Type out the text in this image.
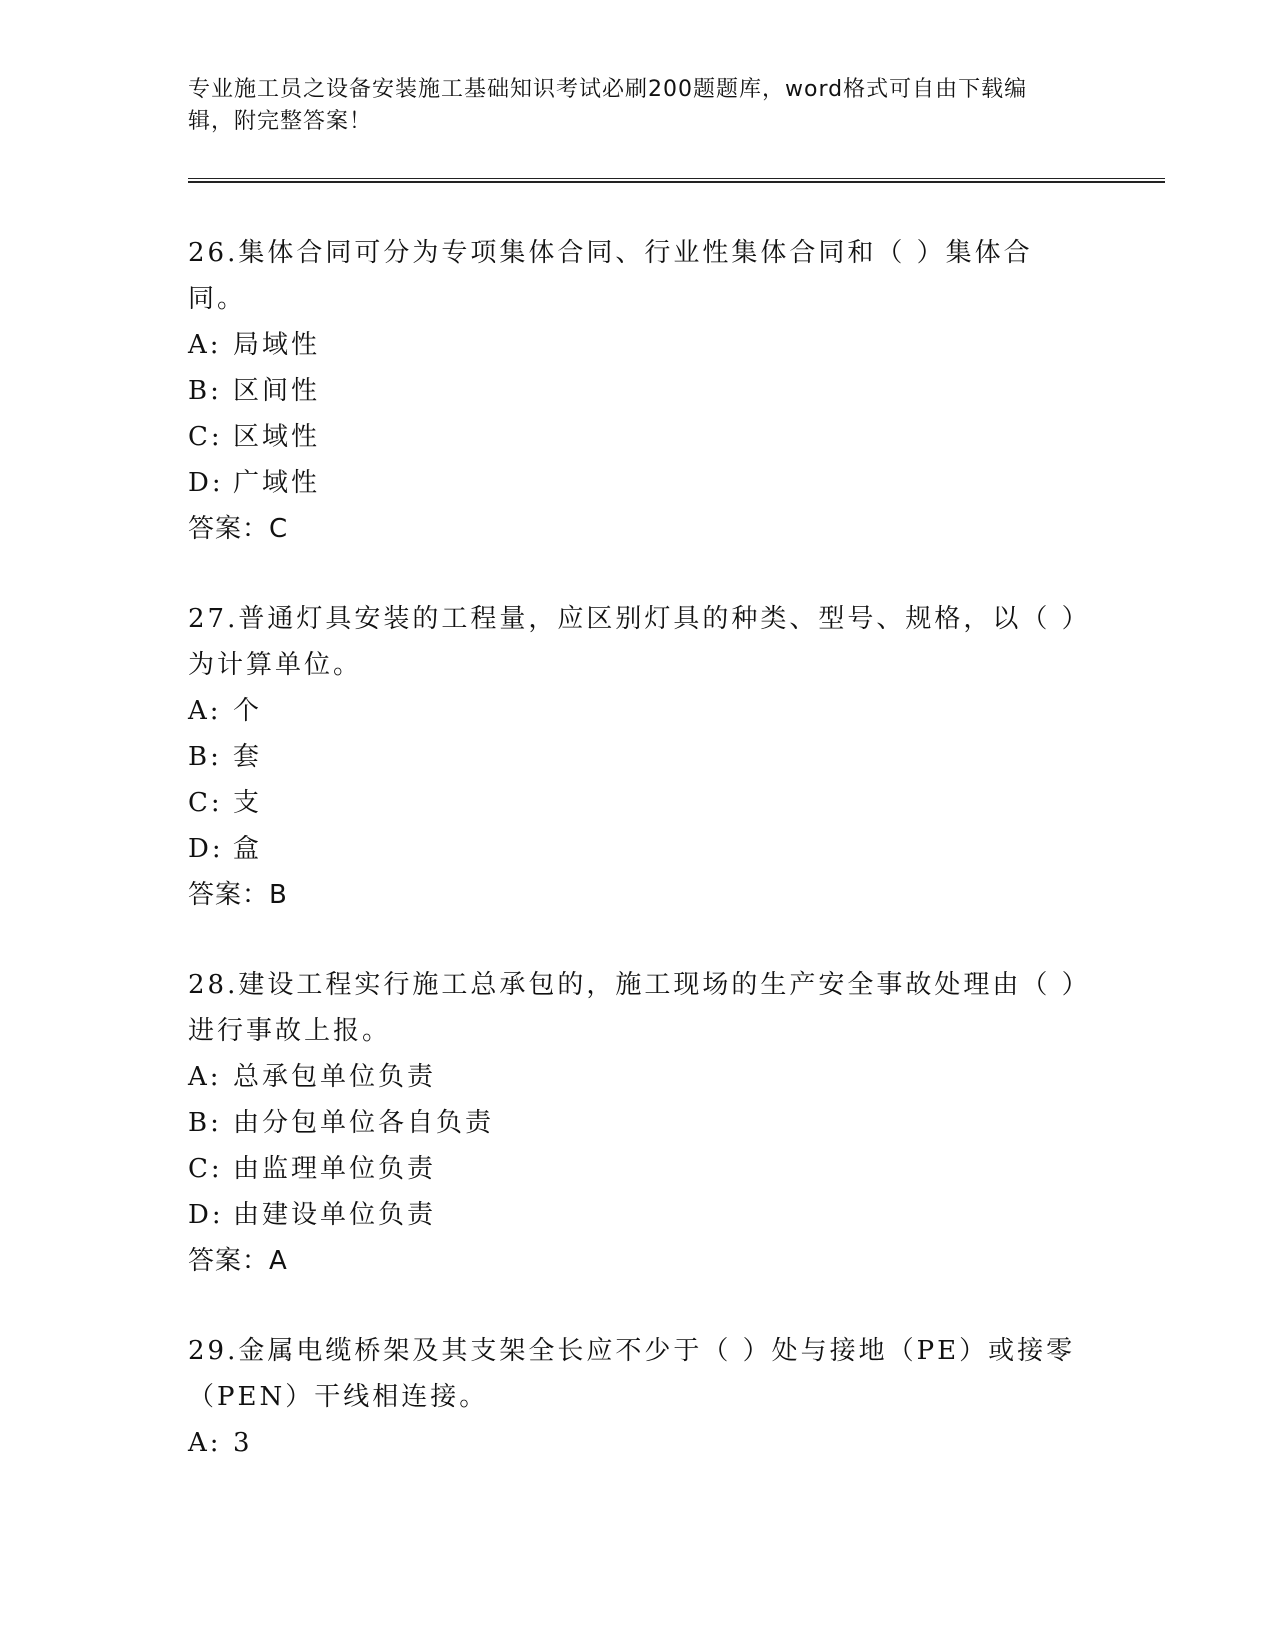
专业施工员之设备安装施工基础知识考试必刷200题题库，word格式可自由下载编辑，附完整答案！
26.集体合同可分为专项集体合同、行业性集体合同和（ ）集体合同。
A: 局域性
B: 区间性
C: 区域性
D: 广域性
答案：C
27.普通灯具安装的工程量，应区别灯具的种类、型号、规格，以（ ）为计算单位。
A: 个
B: 套
C: 支
D: 盒
答案：B
28.建设工程实行施工总承包的，施工现场的生产安全事故处理由（ ）进行事故上报。
A: 总承包单位负责
B: 由分包单位各自负责
C: 由监理单位负责
D: 由建设单位负责
答案：A
29.金属电缆桥架及其支架全长应不少于（ ）处与接地（PE）或接零（PEN）干线相连接。
A: 3
